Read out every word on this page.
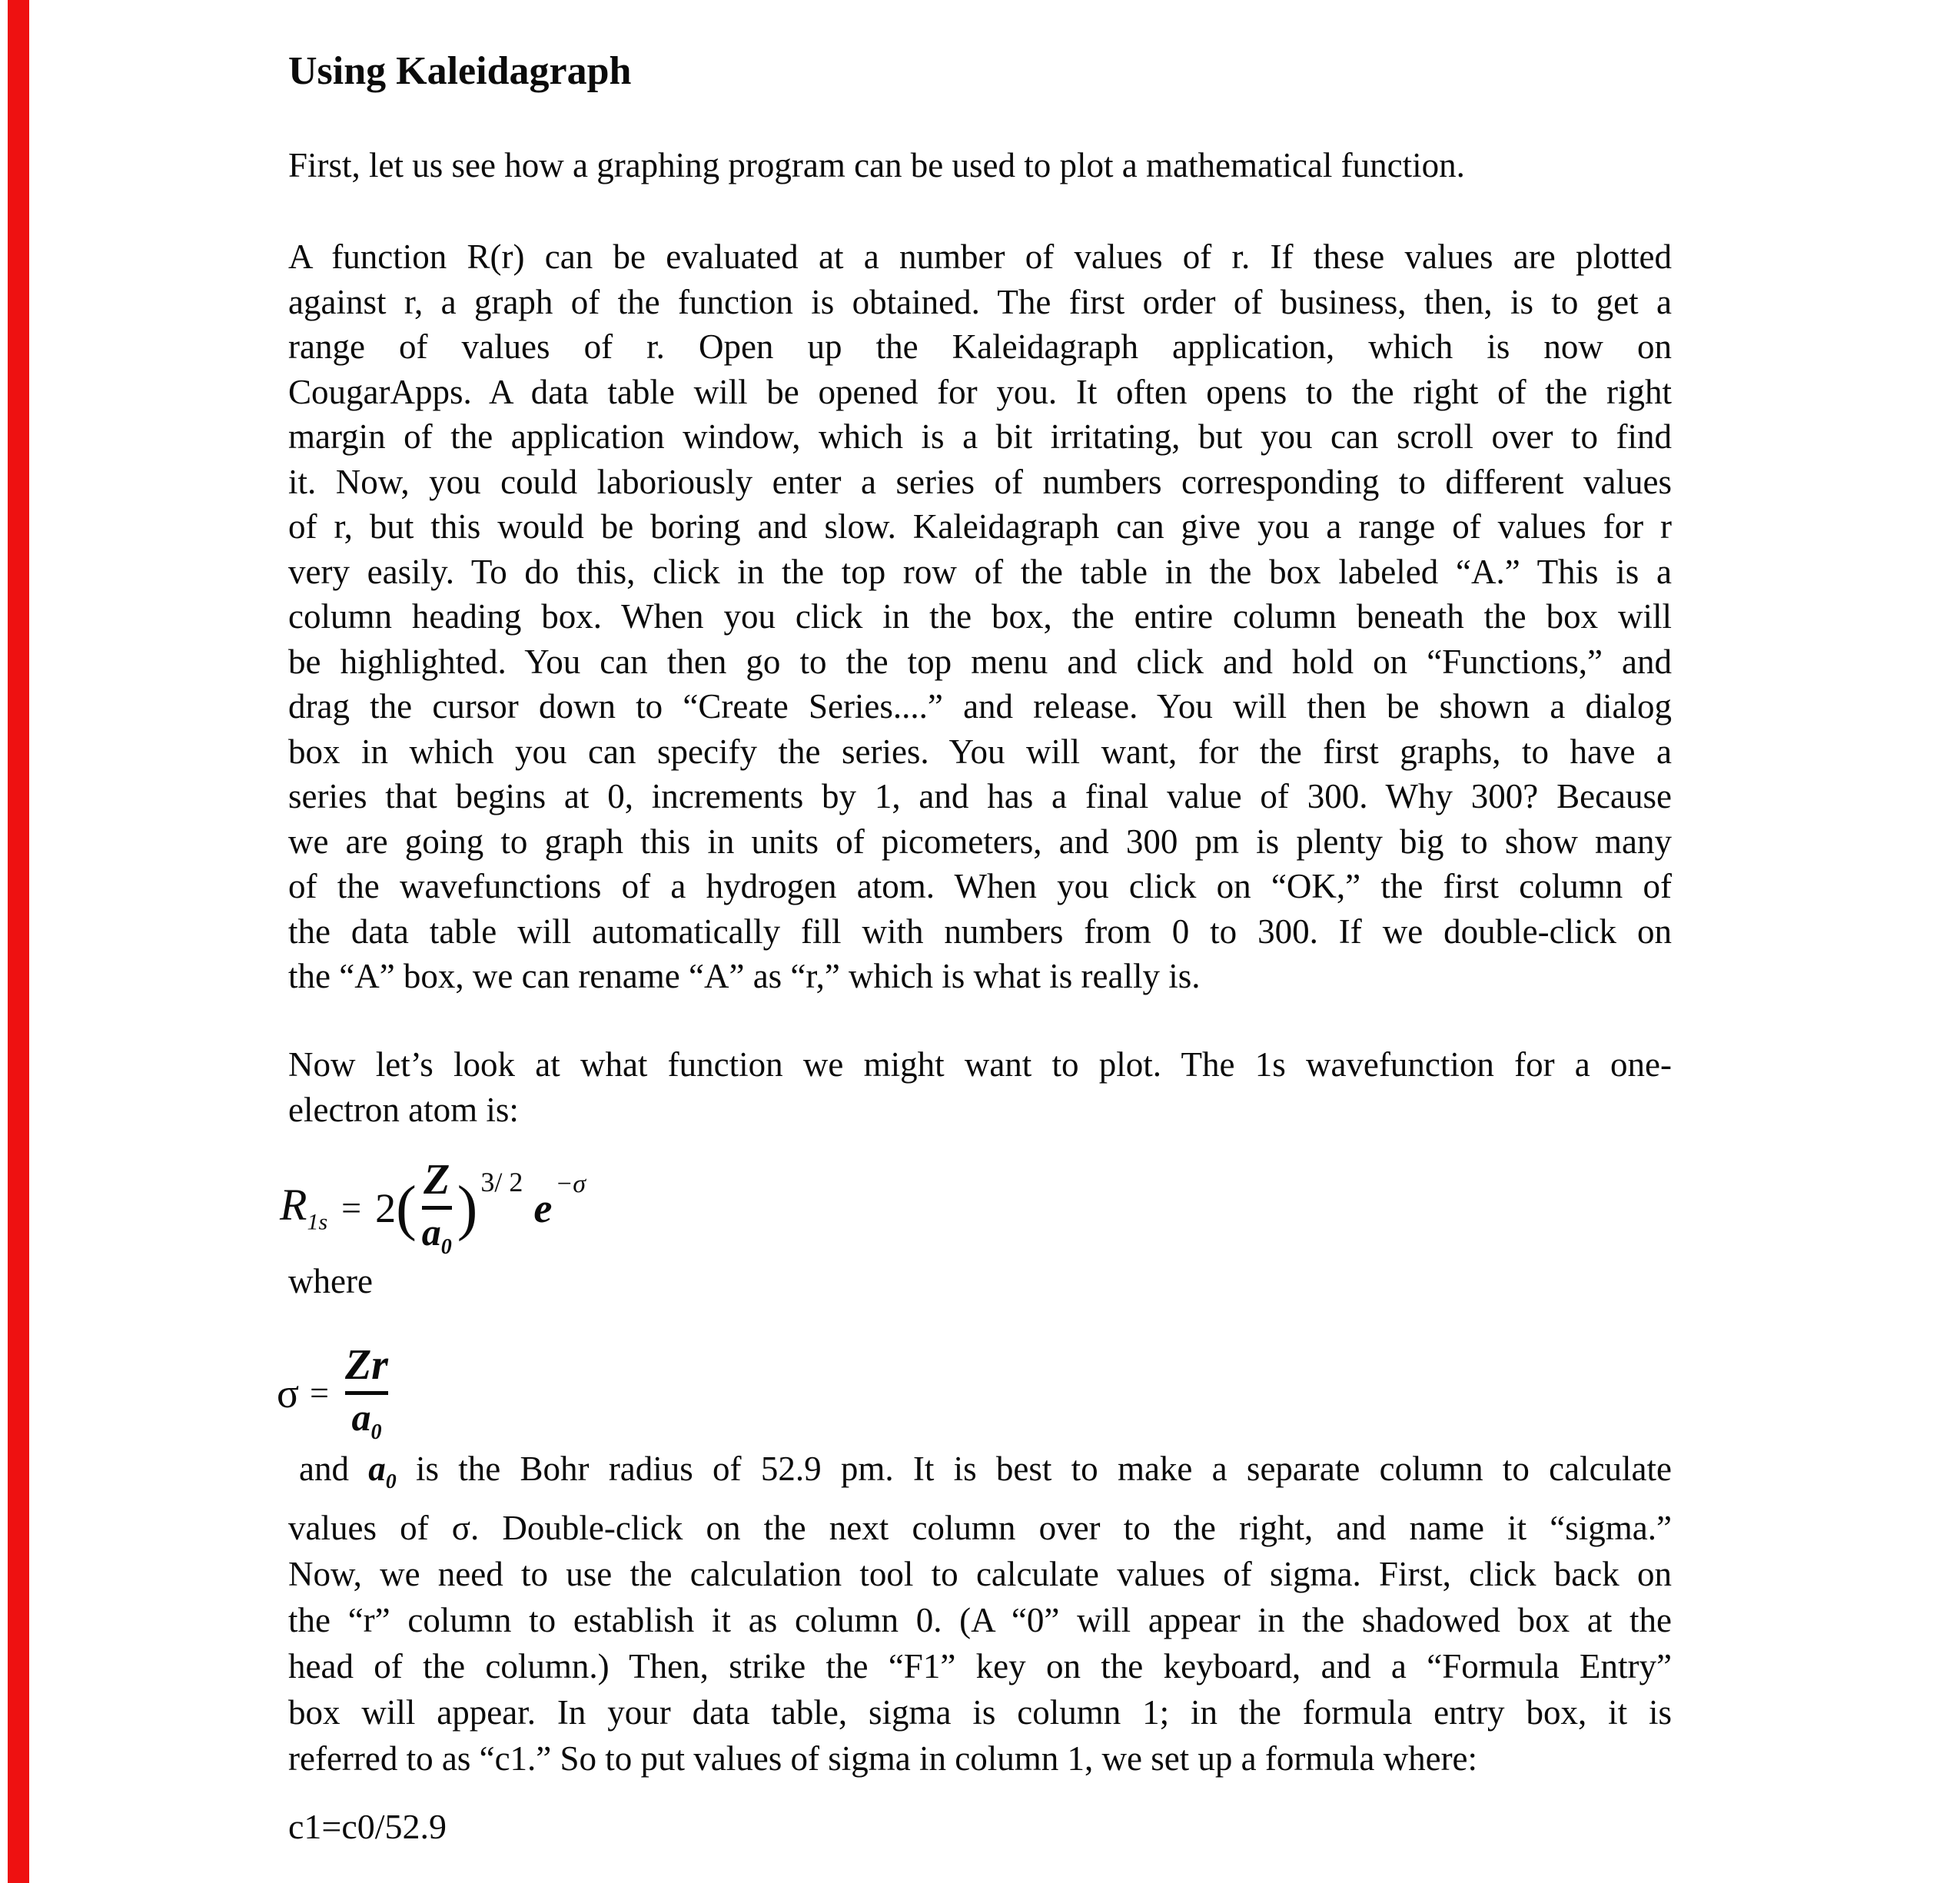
Using Kaleidagraph
First, let us see how a graphing program can be used to plot a mathematical function.
A function R(r) can be evaluated at a number of values of r. If these values are plotted
against r, a graph of the function is obtained. The first order of business, then, is to get a
range of values of r. Open up the Kaleidagraph application, which is now on
CougarApps. A data table will be opened for you. It often opens to the right of the right
margin of the application window, which is a bit irritating, but you can scroll over to find
it. Now, you could laboriously enter a series of numbers corresponding to different values
of r, but this would be boring and slow. Kaleidagraph can give you a range of values for r
very easily. To do this, click in the top row of the table in the box labeled “A.” This is a
column heading box. When you click in the box, the entire column beneath the box will
be highlighted. You can then go to the top menu and click and hold on “Functions,” and
drag the cursor down to “Create Series....” and release. You will then be shown a dialog
box in which you can specify the series. You will want, for the first graphs, to have a
series that begins at 0, increments by 1, and has a final value of 300. Why 300? Because
we are going to graph this in units of picometers, and 300 pm is plenty big to show many
of the wavefunctions of a hydrogen atom. When you click on “OK,” the first column of
the data table will automatically fill with numbers from 0 to 300. If we double-click on
the “A” box, we can rename “A” as “r,” which is what is really is.
Now let’s look at what function we might want to plot. The 1s wavefunction for a one-
electron atom is:
$R_{1s} = 2$ ( Z
$a_0$
) 3/ 2
e
−σ
where
σ =
Zr
$a_0$
and $a_0$ is the Bohr radius of 52.9 pm. It is best to make a separate column to calculate
values of σ. Double-click on the next column over to the right, and name it “sigma.”
Now, we need to use the calculation tool to calculate values of sigma. First, click back on
the “r” column to establish it as column 0. (A “0” will appear in the shadowed box at the
head of the column.) Then, strike the “F1” key on the keyboard, and a “Formula Entry”
box will appear. In your data table, sigma is column 1; in the formula entry box, it is
referred to as “c1.” So to put values of sigma in column 1, we set up a formula where:
c1=c0/52.9
